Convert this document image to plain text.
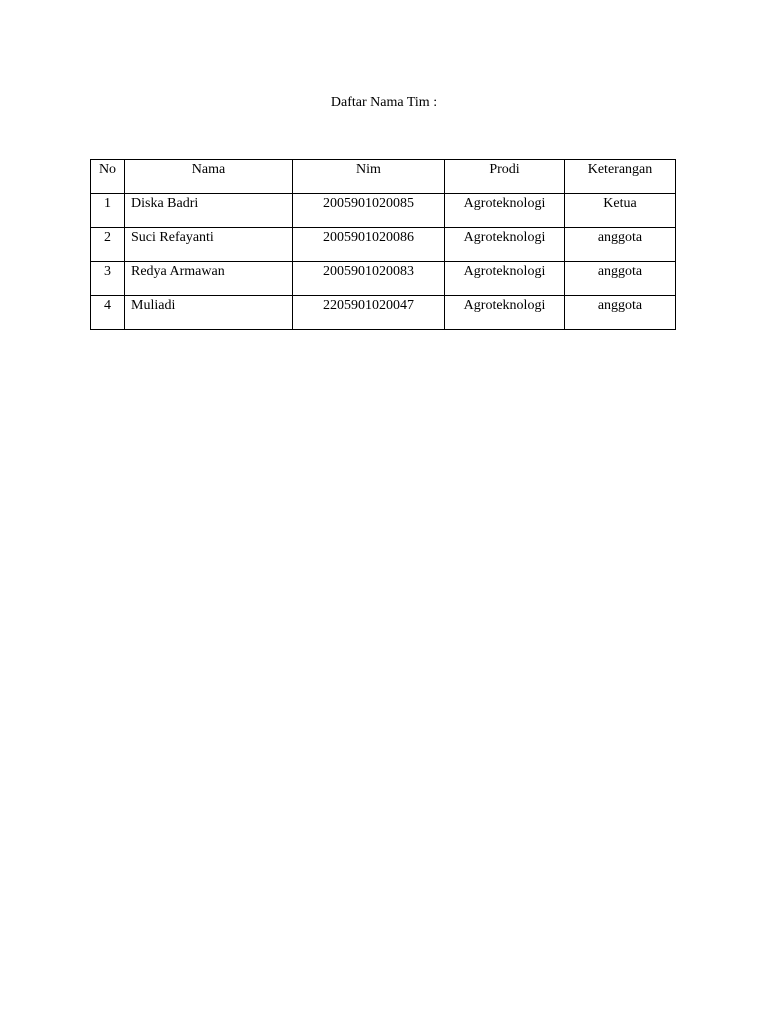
Daftar Nama Tim :
No	Nama	Nim	Prodi	Keterangan

1	Diska Badri	2005901020085	Agroteknologi	Ketua

2	Suci Refayanti	2005901020086	Agroteknologi	anggota

3	Redya Armawan	2005901020083	Agroteknologi	anggota

4	Muliadi	2205901020047	Agroteknologi	anggota
